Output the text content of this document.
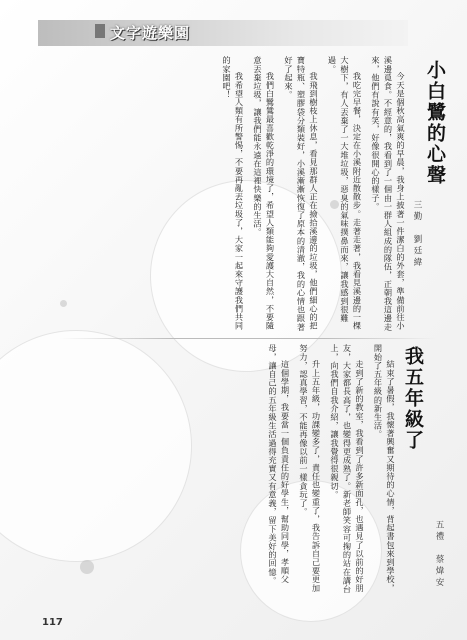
文字遊樂園
小白鷺的心聲
三勤　劉廷緯

今天是個秋高氣爽的早晨，我身上披著一件潔白的外套，準備前往小溪邊覓食。不經意的，我看到了一個由一群人組成的隊伍，正朝我這邊走來，他們有說有笑，好像很開心的樣子。

我吃完早餐，決定在小溪附近散散步。走著走著，我看見溪邊的一棵大樹下，有人丟棄了一大堆垃圾，惡臭的氣味撲鼻而來，讓我感到很難過。

我飛到樹枝上休息，看見那群人正在撿拾溪邊的垃圾，他們細心的把寶特瓶、塑膠袋分類裝好，小溪漸漸恢復了原本的清澈，我的心情也跟著好了起來。

我們白鷺鷥最喜歡乾淨的環境了，希望人類能夠愛護大自然，不要隨意丟棄垃圾，讓我們能永遠在這裡快樂的生活。

我希望人類有所警惕，不要再亂丟垃圾了，大家一起來守護我們共同的家園吧！

我五年級了
五禮　蔡煒安

結束了暑假，我懷著興奮又期待的心情，背起書包來到學校，開始了五年級的新生活。

走到了新的教室，我看到了許多新面孔，也遇見了以前的好朋友，大家都長高了，也變得更成熟了。新老師笑容可掬的站在講台上，向我們自我介紹，讓我覺得很親切。

升上五年級，功課變多了，責任也變重了，我告訴自己要更加努力，認真學習，不能再像以前一樣貪玩了。

這個學期，我要當一個負責任的好學生，幫助同學，孝順父母，讓自己的五年級生活過得充實又有意義，留下美好的回憶。

117
